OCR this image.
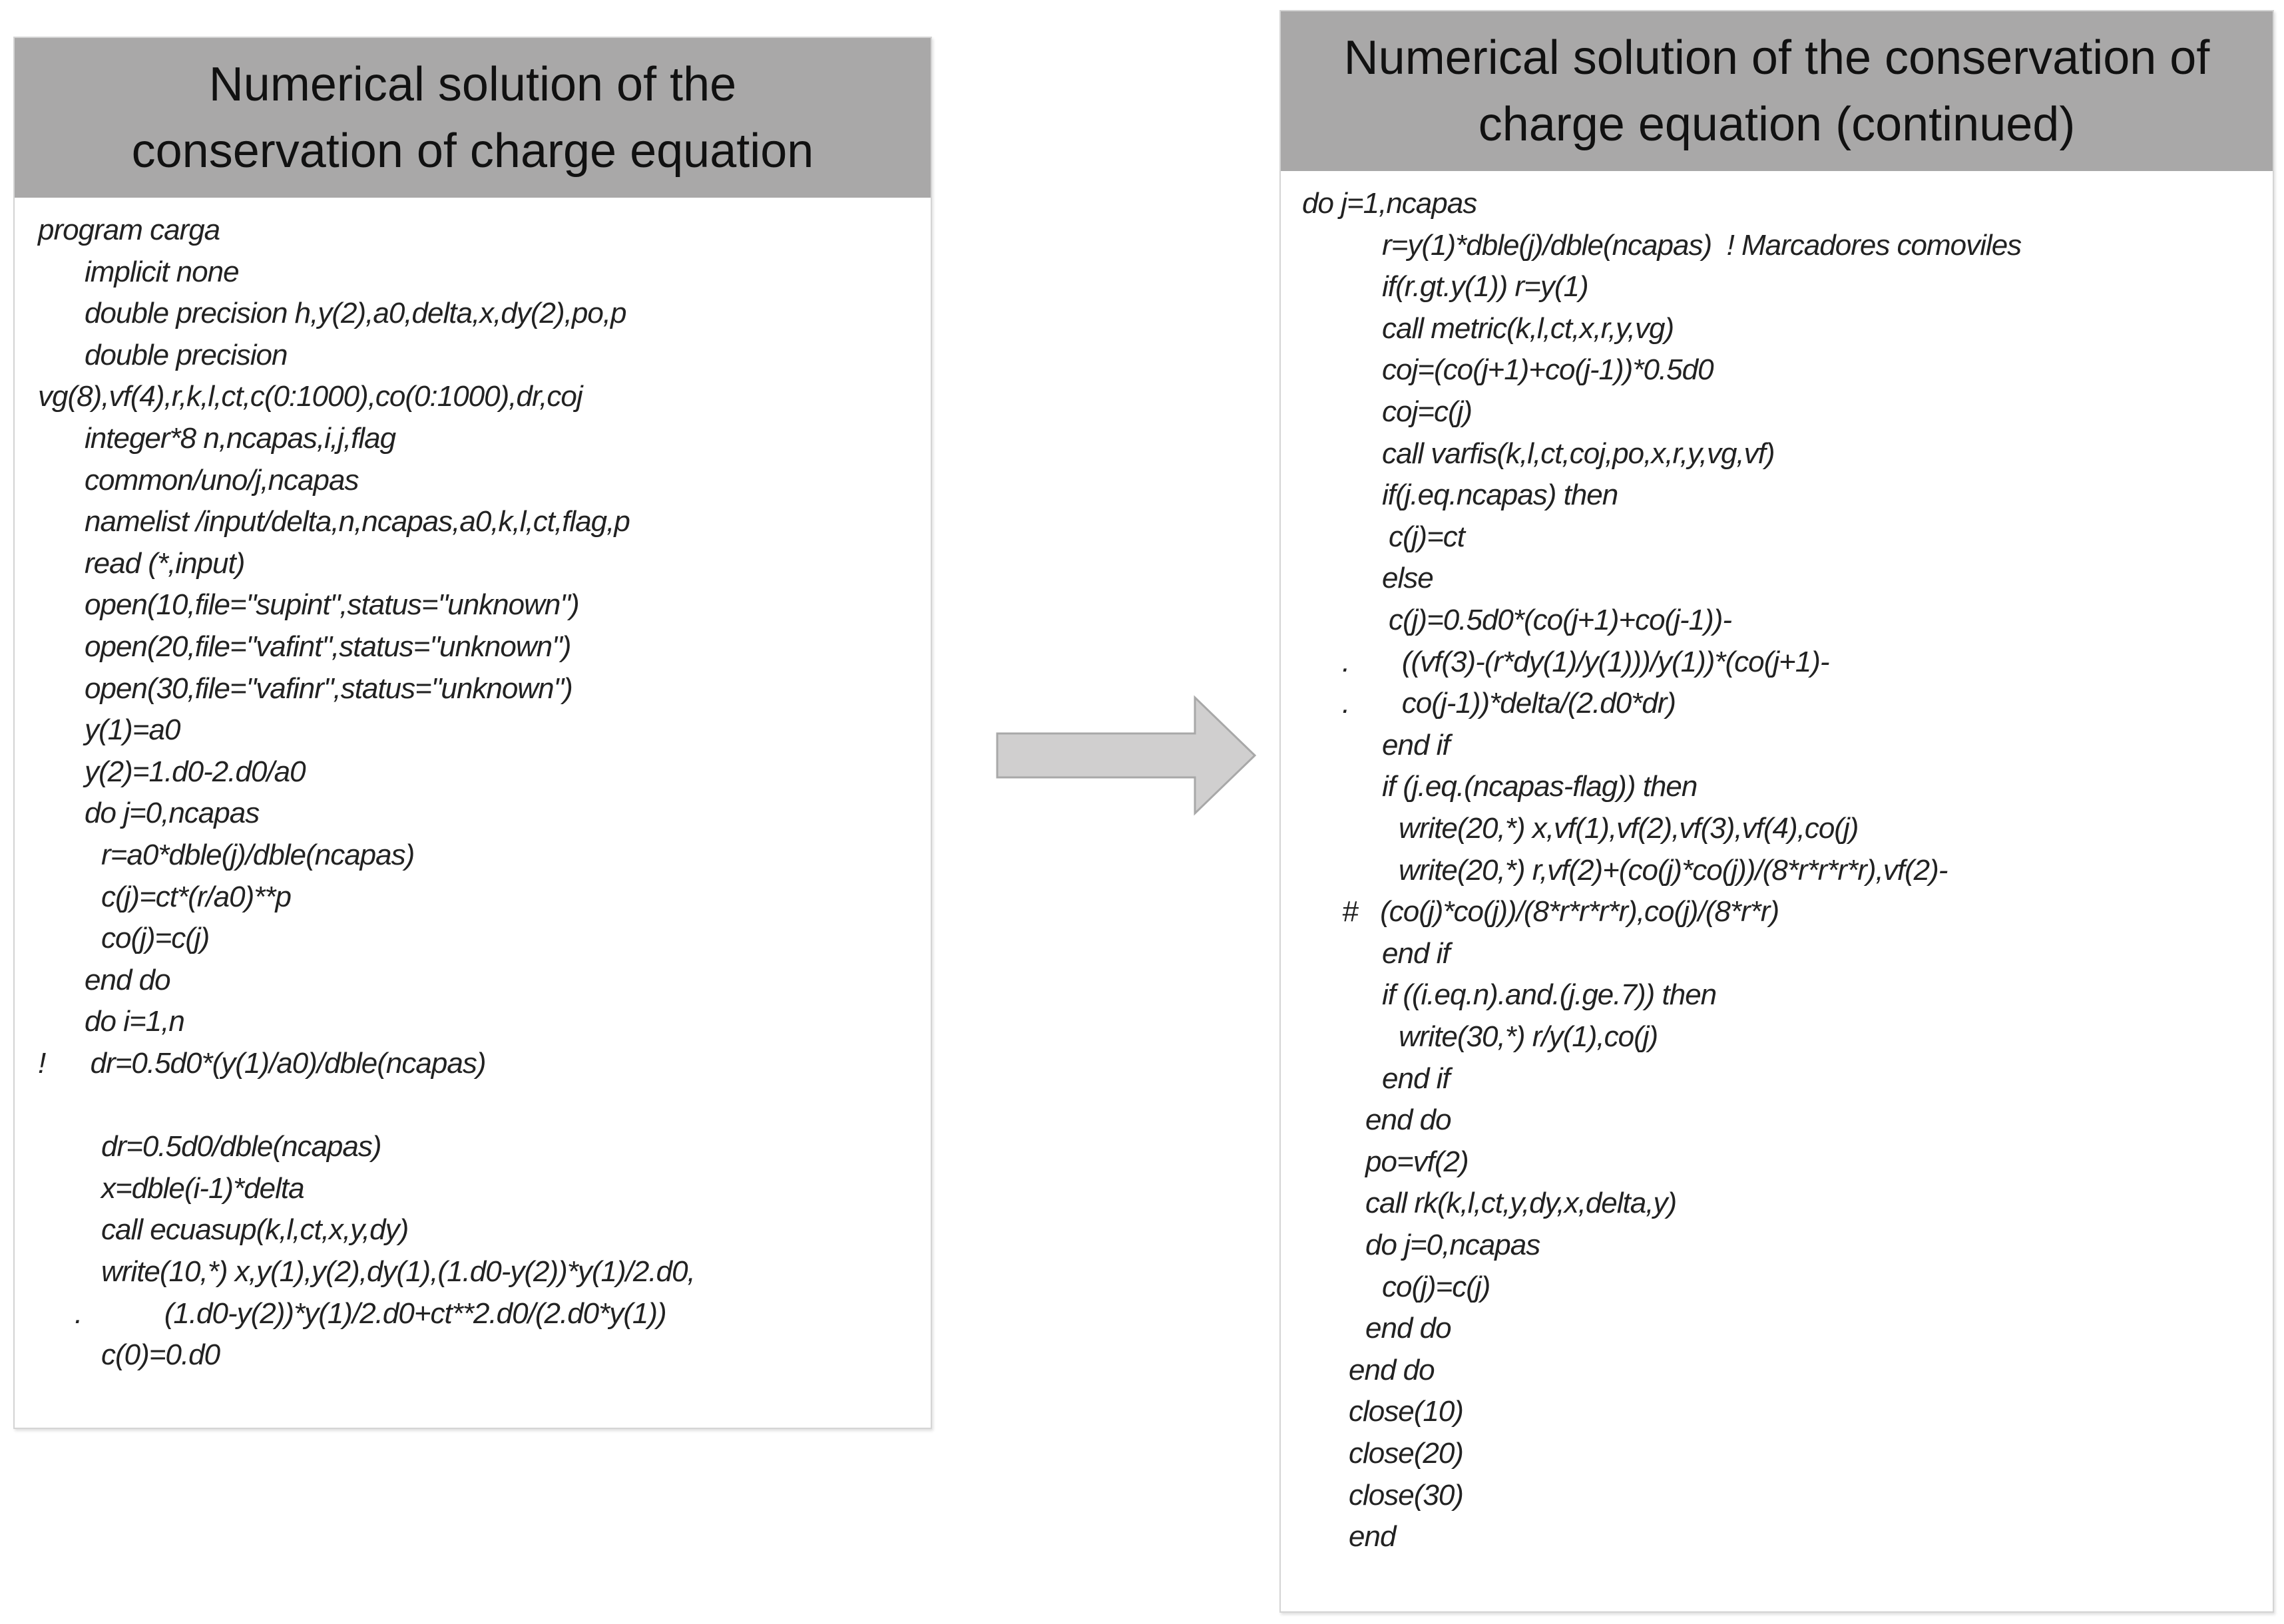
Numerical solution of the
conservation of charge equation
program carga
implicit none
double precision h,y(2),a0,delta,x,dy(2),po,p
double precision
vg(8),vf(4),r,k,l,ct,c(0:1000),co(0:1000),dr,coj
integer*8 n,ncapas,i,j,flag
common/uno/j,ncapas
namelist /input/delta,n,ncapas,a0,k,l,ct,flag,p
read (*,input)
open(10,file="supint",status="unknown")
open(20,file="vafint",status="unknown")
open(30,file="vafinr",status="unknown")
y(1)=a0
y(2)=1.d0-2.d0/a0
do j=0,ncapas
r=a0*dble(j)/dble(ncapas)
c(j)=ct*(r/a0)**p
co(j)=c(j)
end do
do i=1,n
!      dr=0.5d0*(y(1)/a0)/dble(ncapas)
dr=0.5d0/dble(ncapas)
x=dble(i-1)*delta
call ecuasup(k,l,ct,x,y,dy)
write(10,*) x,y(1),y(2),dy(1),(1.d0-y(2))*y(1)/2.d0,
.           (1.d0-y(2))*y(1)/2.d0+ct**2.d0/(2.d0*y(1))
c(0)=0.d0
Numerical solution of the conservation of
charge equation (continued)
do j=1,ncapas
r=y(1)*dble(j)/dble(ncapas)  ! Marcadores comoviles
if(r.gt.y(1)) r=y(1)
call metric(k,l,ct,x,r,y,vg)
coj=(co(j+1)+co(j-1))*0.5d0
coj=c(j)
call varfis(k,l,ct,coj,po,x,r,y,vg,vf)
if(j.eq.ncapas) then
c(j)=ct
else
c(j)=0.5d0*(co(j+1)+co(j-1))-
.       ((vf(3)-(r*dy(1)/y(1)))/y(1))*(co(j+1)-
.       co(j-1))*delta/(2.d0*dr)
end if
if (j.eq.(ncapas-flag)) then
write(20,*) x,vf(1),vf(2),vf(3),vf(4),co(j)
write(20,*) r,vf(2)+(co(j)*co(j))/(8*r*r*r*r),vf(2)-
#   (co(j)*co(j))/(8*r*r*r*r),co(j)/(8*r*r)
end if
if ((i.eq.n).and.(j.ge.7)) then
write(30,*) r/y(1),co(j)
end if
end do
po=vf(2)
call rk(k,l,ct,y,dy,x,delta,y)
do j=0,ncapas
co(j)=c(j)
end do
end do
close(10)
close(20)
close(30)
end
